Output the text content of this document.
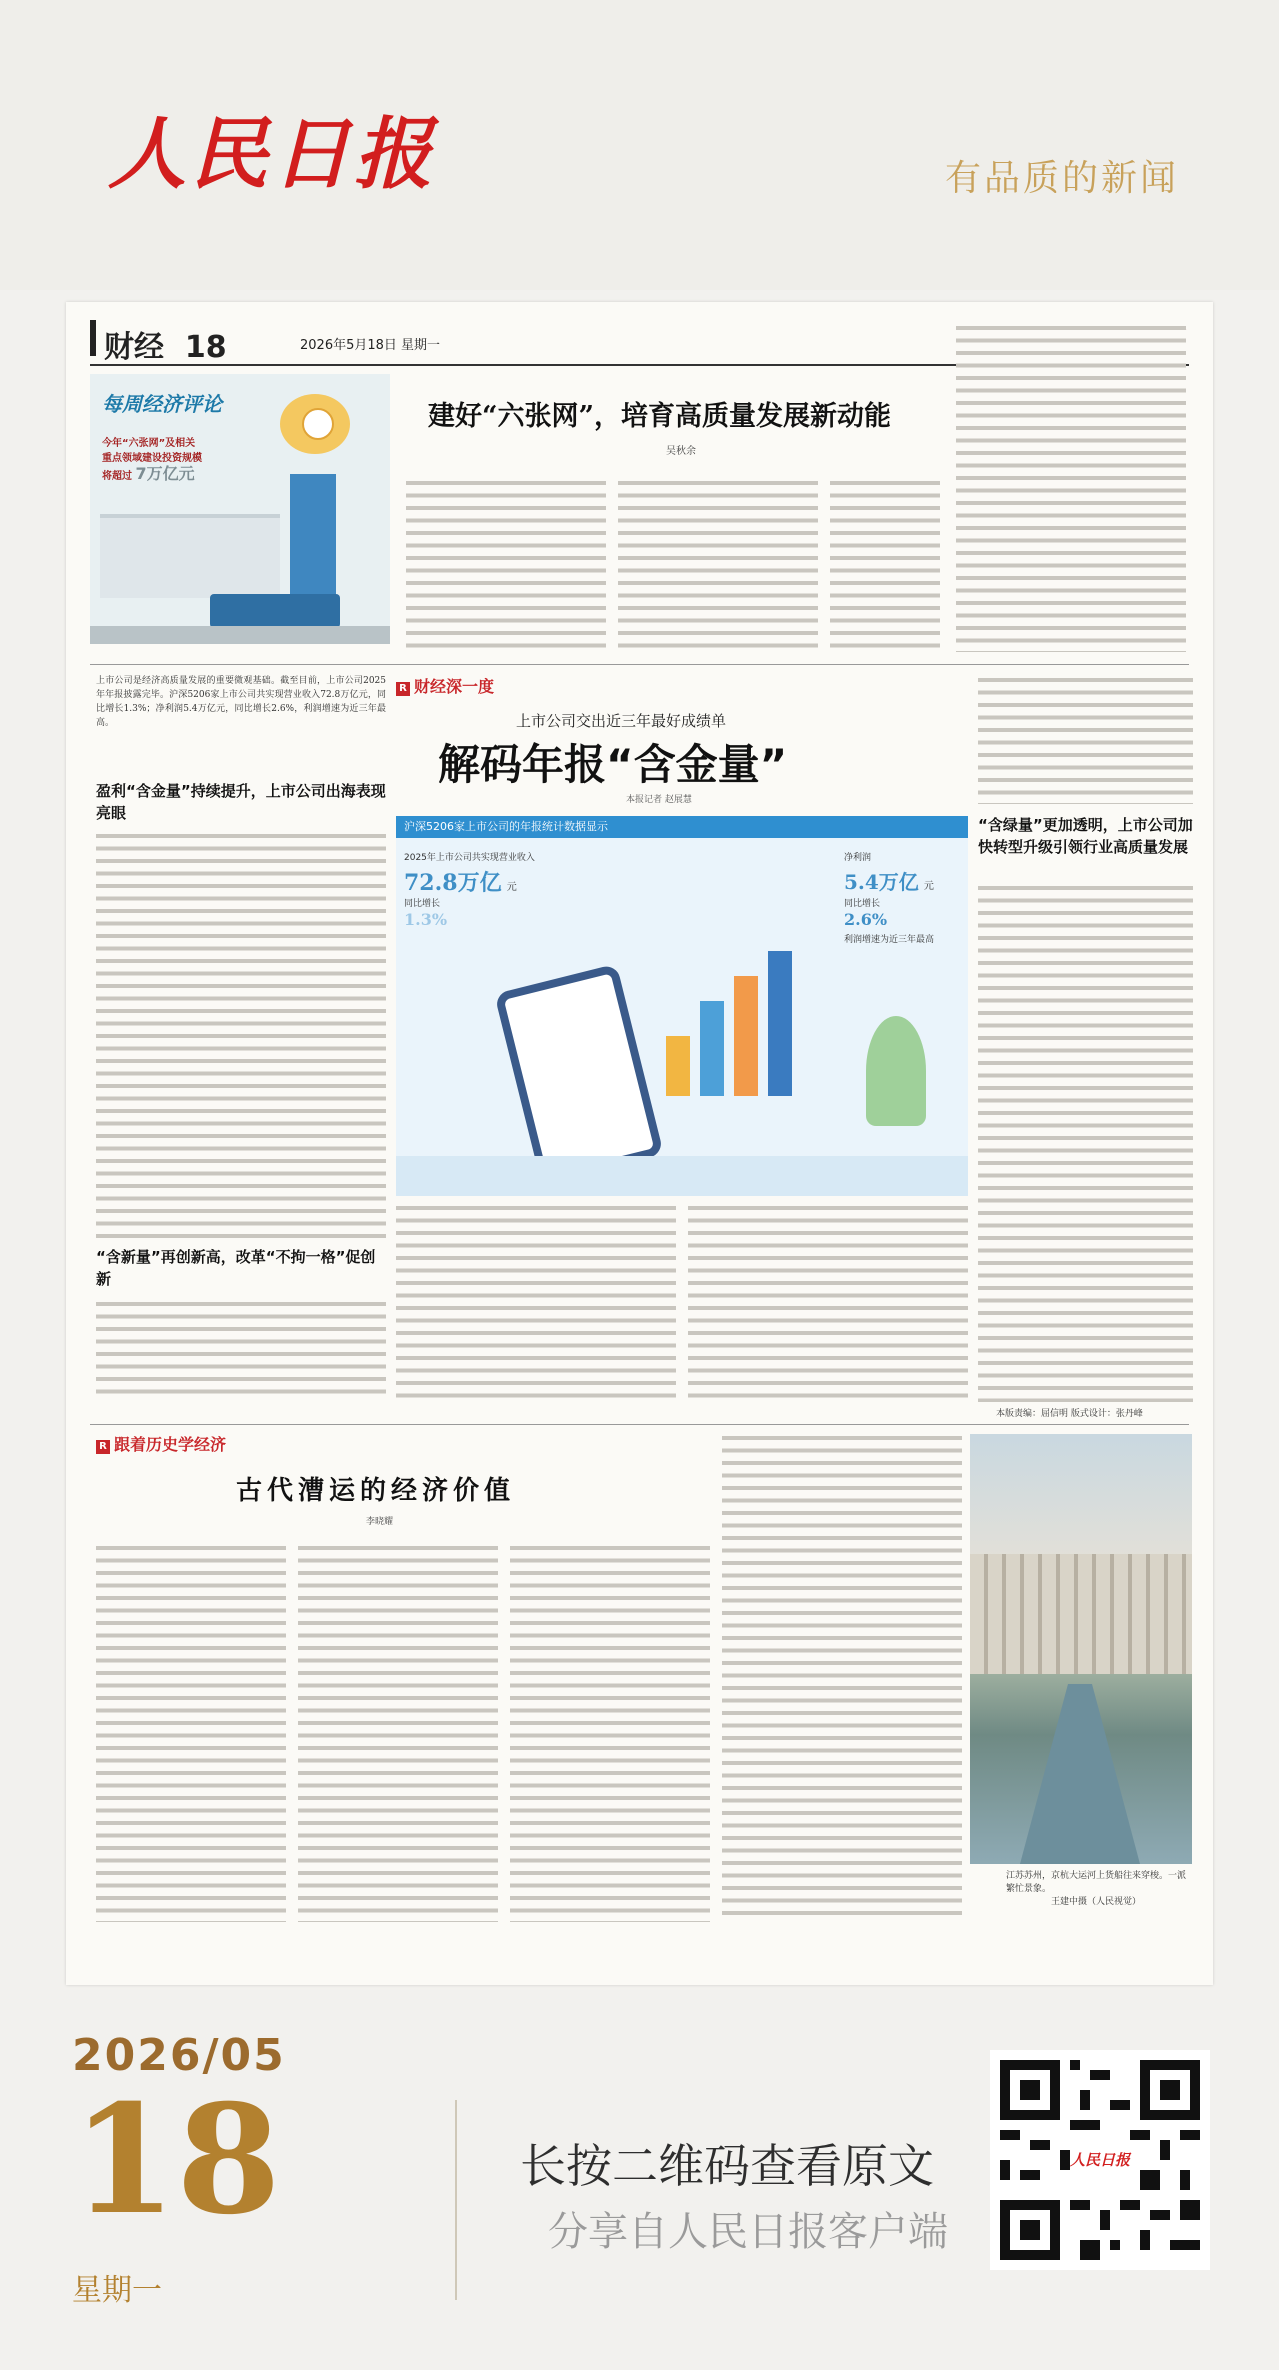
人民日报	有品质的新闻
财经 18	2026年5月18日 星期一
每周经济评论
今年“六张网”及相关
重点领域建设投资规模
将超过 7万亿元
建好“六张网”，培育高质量发展新动能
吴秋余
上市公司是经济高质量发展的重要微观基础。截至目前，上市公司2025年年报披露完毕。沪深5206家上市公司共实现营业收入72.8万亿元，同比增长1.3%；净利润5.4万亿元，同比增长2.6%，利润增速为近三年最高。
盈利“含金量”持续提升，上市公司出海表现亮眼
“含新量”再创新高，改革“不拘一格”促创新
R 财经深一度
上市公司交出近三年最好成绩单
解码年报“含金量”
本报记者 赵展慧
沪深5206家上市公司的年报统计数据显示
2025年上市公司共实现营业收入
72.8万亿 元
同比增长
1.3%
净利润
5.4万亿 元
同比增长
2.6%
利润增速为近三年最高
“含绿量”更加透明，上市公司加快转型升级引领行业高质量发展
本版责编：屈信明 版式设计：张丹峰
R 跟着历史学经济
古代漕运的经济价值
李晓耀
江苏苏州，京杭大运河上货船往来穿梭。一派繁忙景象。
王建中摄（人民视觉）
2026/05
18
星期一
长按二维码查看原文
分享自人民日报客户端
人民日报
